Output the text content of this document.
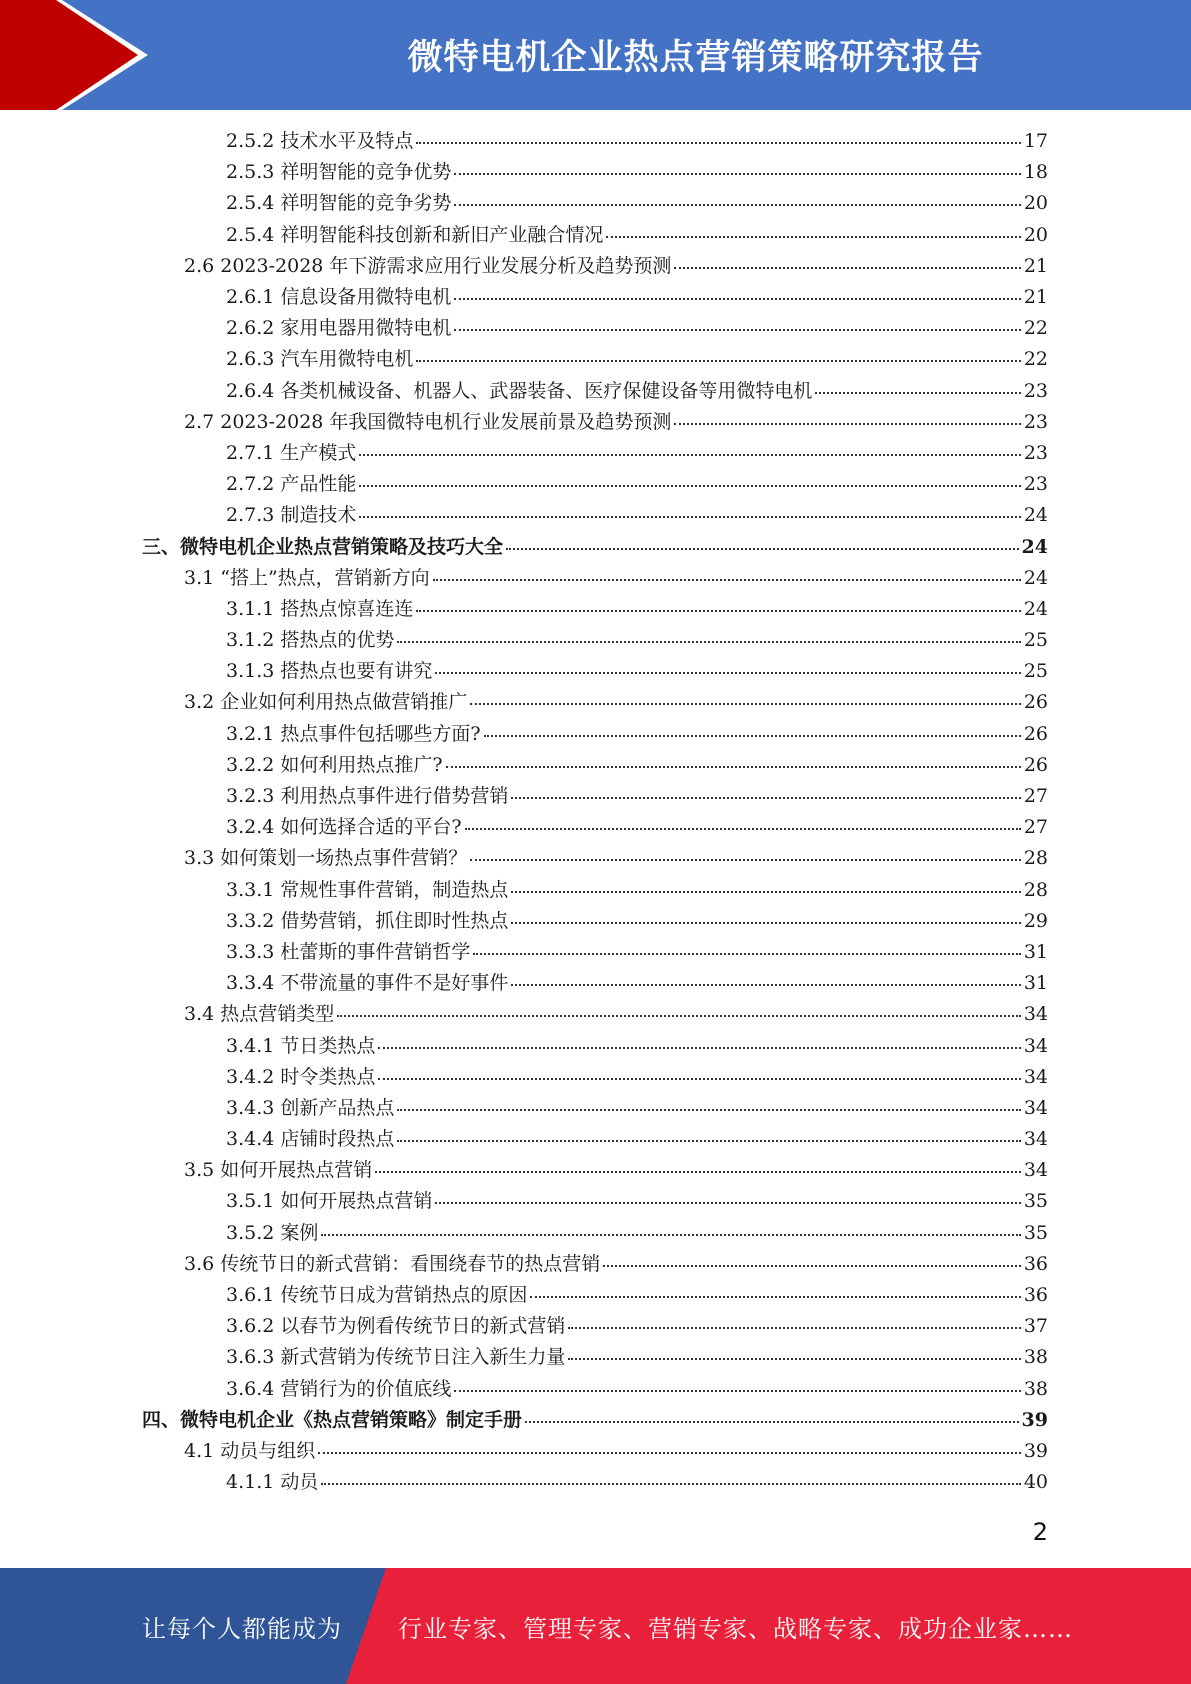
微特电机企业热点营销策略研究报告
2.5.2 技术水平及特点	17
2.5.3 祥明智能的竞争优势	18
2.5.4 祥明智能的竞争劣势	20
2.5.4 祥明智能科技创新和新旧产业融合情况	20
2.6 2023-2028 年下游需求应用行业发展分析及趋势预测	21
2.6.1 信息设备用微特电机	21
2.6.2 家用电器用微特电机	22
2.6.3 汽车用微特电机	22
2.6.4 各类机械设备、机器人、武器装备、医疗保健设备等用微特电机	23
2.7 2023-2028 年我国微特电机行业发展前景及趋势预测	23
2.7.1 生产模式	23
2.7.2 产品性能	23
2.7.3 制造技术	24
三、微特电机企业热点营销策略及技巧大全	24
3.1 “搭上”热点，营销新方向	24
3.1.1 搭热点惊喜连连	24
3.1.2 搭热点的优势	25
3.1.3 搭热点也要有讲究	25
3.2 企业如何利用热点做营销推广	26
3.2.1 热点事件包括哪些方面?	26
3.2.2 如何利用热点推广?	26
3.2.3 利用热点事件进行借势营销	27
3.2.4 如何选择合适的平台?	27
3.3 如何策划一场热点事件营销？	28
3.3.1 常规性事件营销，制造热点	28
3.3.2 借势营销，抓住即时性热点	29
3.3.3 杜蕾斯的事件营销哲学	31
3.3.4 不带流量的事件不是好事件	31
3.4 热点营销类型	34
3.4.1 节日类热点	34
3.4.2 时令类热点	34
3.4.3 创新产品热点	34
3.4.4 店铺时段热点	34
3.5 如何开展热点营销	34
3.5.1 如何开展热点营销	35
3.5.2 案例	35
3.6 传统节日的新式营销：看围绕春节的热点营销	36
3.6.1 传统节日成为营销热点的原因	36
3.6.2 以春节为例看传统节日的新式营销	37
3.6.3 新式营销为传统节日注入新生力量	38
3.6.4 营销行为的价值底线	38
四、微特电机企业《热点营销策略》制定手册	39
4.1 动员与组织	39
4.1.1 动员	40
2
让每个人都能成为 行业专家、管理专家、营销专家、战略专家、成功企业家……
